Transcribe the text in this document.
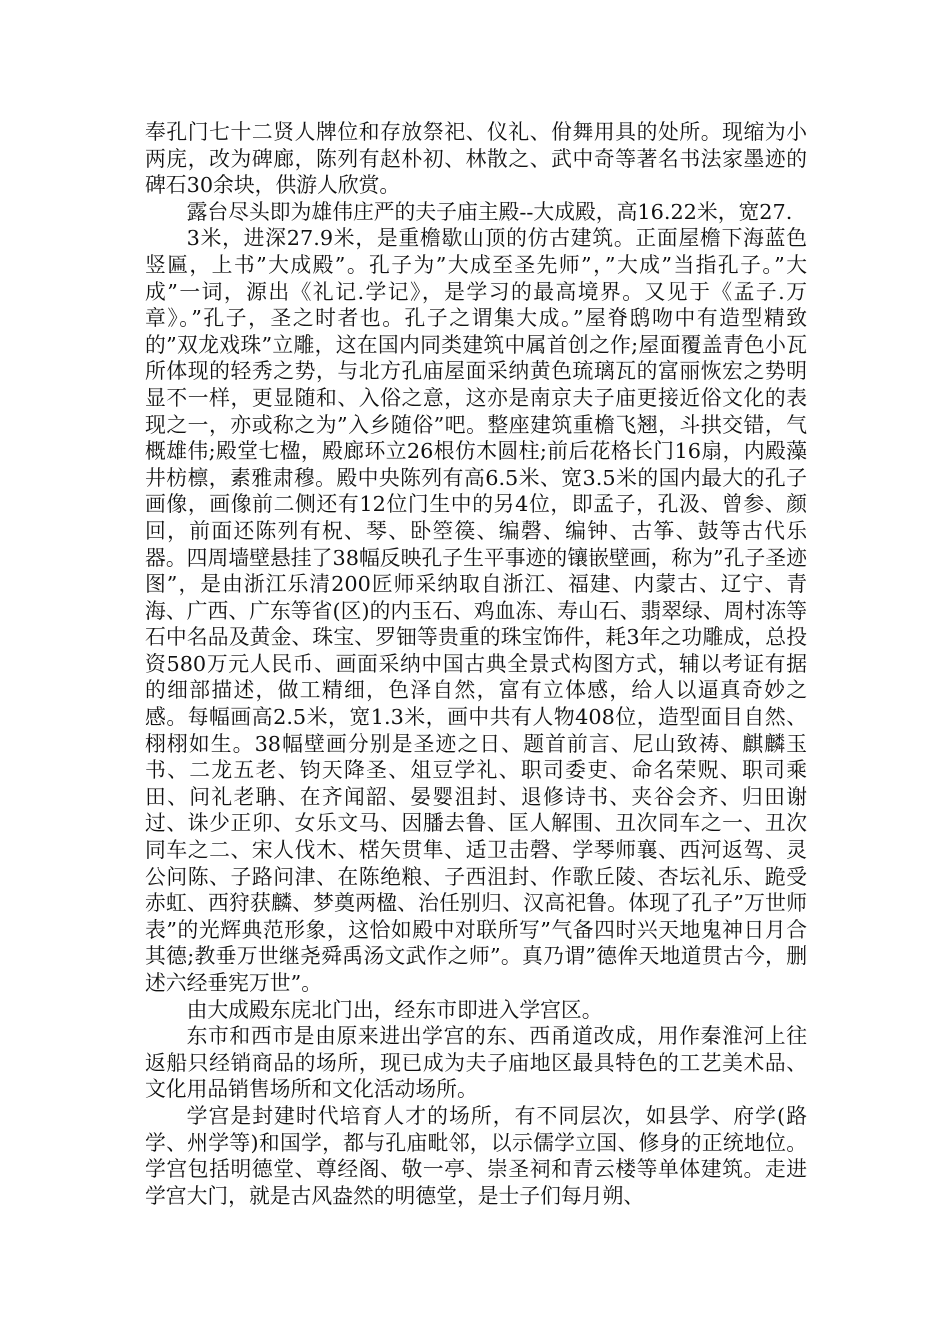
奉孔门七十二贤人牌位和存放祭祀、仪礼、佾舞用具的处所。现缩为小两庑，改为碑廊，陈列有赵朴初、林散之、武中奇等著名书法家墨迹的碑石30余块，供游人欣赏。

露台尽头即为雄伟庄严的夫子庙主殿--大成殿，高16.22米，宽27.

3米，进深27.9米，是重檐歇山顶的仿古建筑。正面屋檐下海蓝色竖匾，上书”大成殿”。孔子为”大成至圣先师”，”大成”当指孔子。”大成”一词，源出《礼记.学记》，是学习的最高境界。又见于《孟子.万章》。”孔子，圣之时者也。孔子之谓集大成。”屋脊鸱吻中有造型精致的”双龙戏珠”立雕，这在国内同类建筑中属首创之作;屋面覆盖青色小瓦所体现的轻秀之势，与北方孔庙屋面采纳黄色琉璃瓦的富丽恢宏之势明显不一样，更显随和、入俗之意，这亦是南京夫子庙更接近俗文化的表现之一，亦或称之为”入乡随俗”吧。整座建筑重檐飞翘，斗拱交错，气概雄伟;殿堂七楹，殿廊环立26根仿木圆柱;前后花格长门16扇，内殿藻井枋檩，素雅肃穆。殿中央陈列有高6.5米、宽3.5米的国内最大的孔子画像，画像前二侧还有12位门生中的另4位，即孟子，孔汲、曾参、颜回，前面还陈列有柷、琴、卧箜篌、编磬、编钟、古筝、鼓等古代乐器。四周墙壁悬挂了38幅反映孔子生平事迹的镶嵌壁画，称为”孔子圣迹图”，是由浙江乐清200匠师采纳取自浙江、福建、内蒙古、辽宁、青海、广西、广东等省(区)的内玉石、鸡血冻、寿山石、翡翠绿、周村冻等石中名品及黄金、珠宝、罗钿等贵重的珠宝饰件，耗3年之功雕成，总投资580万元人民币、画面采纳中国古典全景式构图方式，辅以考证有据的细部描述，做工精细，色泽自然，富有立体感，给人以逼真奇妙之感。每幅画高2.5米，宽1.3米，画中共有人物408位，造型面目自然、栩栩如生。38幅壁画分别是圣迹之日、题首前言、尼山致祷、麒麟玉书、二龙五老、钧天降圣、俎豆学礼、职司委吏、命名荣贶、职司乘田、问礼老聃、在齐闻韶、晏婴沮封、退修诗书、夹谷会齐、归田谢过、诛少正卯、女乐文马、因膰去鲁、匡人解围、丑次同车之一、丑次同车之二、宋人伐木、楛矢贯隼、适卫击磬、学琴师襄、西河返驾、灵公问陈、子路问津、在陈绝粮、子西沮封、作歌丘陵、杏坛礼乐、跪受赤虹、西狩获麟、梦奠两楹、治任别归、汉高祀鲁。体现了孔子”万世师表”的光辉典范形象，这恰如殿中对联所写”气备四时兴天地鬼神日月合其德;教垂万世继尧舜禹汤文武作之师”。真乃谓”德侔天地道贯古今，删述六经垂宪万世”。

由大成殿东庑北门出，经东市即进入学宫区。

东市和西市是由原来进出学宫的东、西甬道改成，用作秦淮河上往返船只经销商品的场所，现已成为夫子庙地区最具特色的工艺美术品、文化用品销售场所和文化活动场所。

学宫是封建时代培育人才的场所，有不同层次，如县学、府学(路学、州学等)和国学，都与孔庙毗邻，以示儒学立国、修身的正统地位。学宫包括明德堂、尊经阁、敬一亭、崇圣祠和青云楼等单体建筑。走进学宫大门，就是古风盎然的明德堂，是士子们每月朔、
